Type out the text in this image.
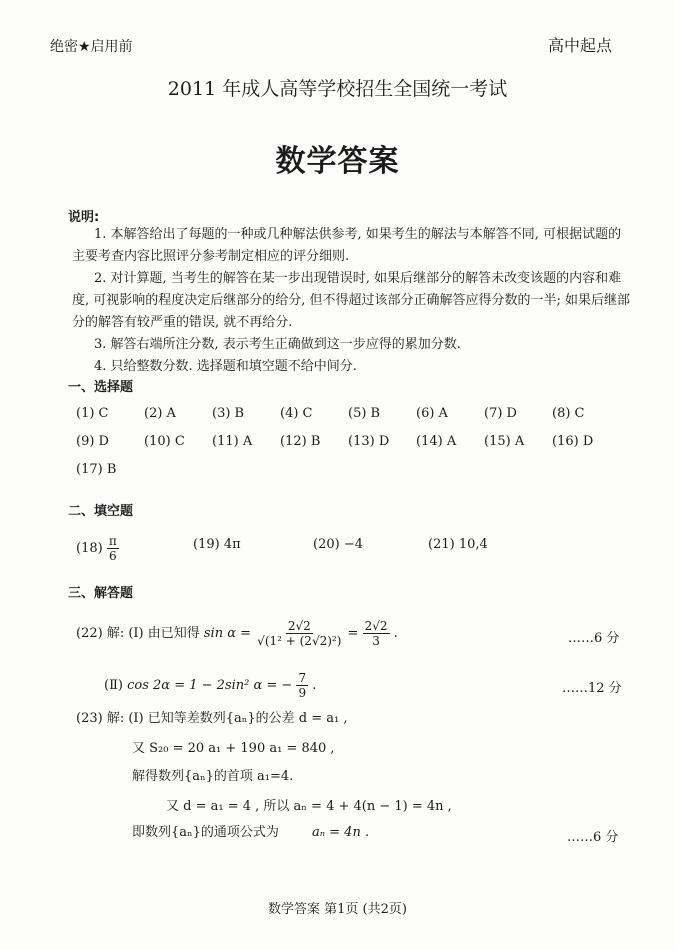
绝密★启用前	高中起点
2011 年成人高等学校招生全国统一考试
数学答案
说明:
1. 本解答给出了每题的一种或几种解法供参考, 如果考生的解法与本解答不同, 可根据试题的主要考查内容比照评分参考制定相应的评分细则.
2. 对计算题, 当考生的解答在某一步出现错误时, 如果后继部分的解答未改变该题的内容和难度, 可视影响的程度决定后继部分的给分, 但不得超过该部分正确解答应得分数的一半; 如果后继部分的解答有较严重的错误, 就不再给分.
3. 解答右端所注分数, 表示考生正确做到这一步应得的累加分数.
4. 只给整数分数. 选择题和填空题不给中间分.
一、选择题
(1) C	(2) A	(3) B	(4) C	(5) B	(6) A	(7) D	(8) C
(9) D	(10) C (11) A (12) B (13) D (14) A (15) A (16) D
(17) B
二、填空题
$(18) \frac{\pi}{6}$	(19) 4π	(20) −4	(21) 10,4
三、解答题
(22) 解: (Ⅰ) 由已知得 $\sin \alpha = \frac{2√2}{\text{√(1² + (2√2)²)}} = \frac{2√2}{3}$ .	……6 分
(Ⅱ) cos 2α = 1 − 2sin² α = − $\frac{7}{9}$ .	……12 分
(23) 解: (Ⅰ) 已知等差数列{aₙ}的公差 d = a₁ ,
又 S₂₀ = 20 a₁ + 190 a₁ = 840 ,
解得数列{aₙ}的首项 a₁=4.
又 d = a₁ = 4 , 所以 aₙ = 4 + 4(n − 1) = 4n ,
即数列{aₙ}的通项公式为	aₙ = 4n .	……6 分
数学答案 第1页 (共2页)
